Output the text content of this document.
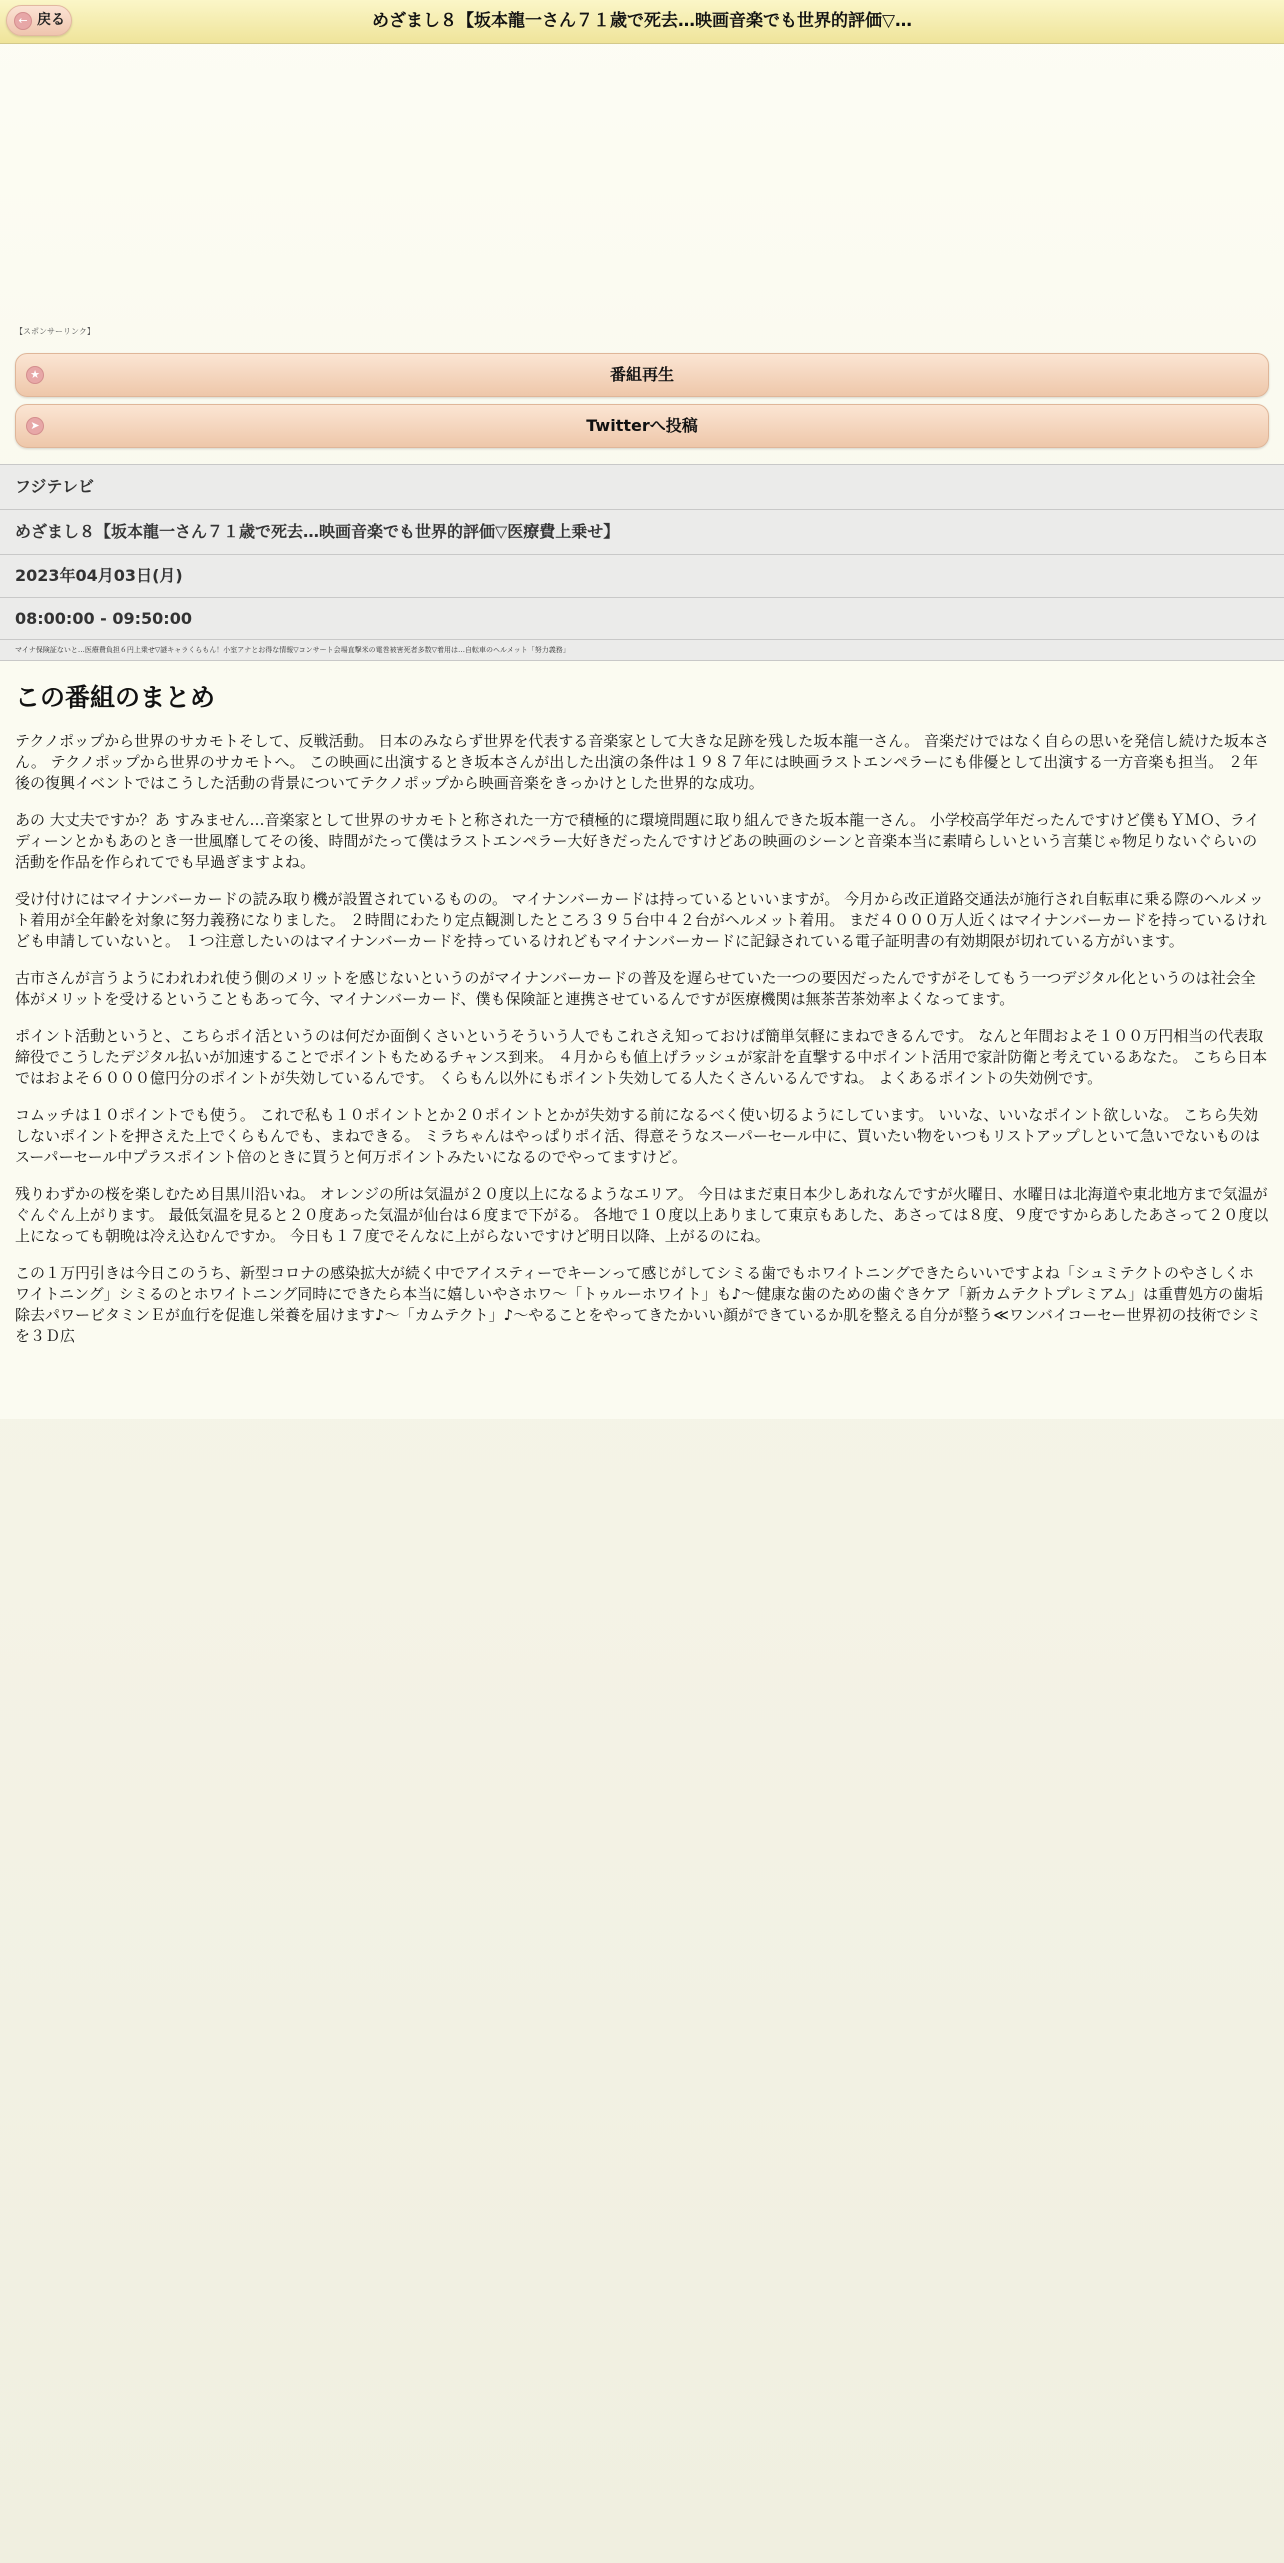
← 戻る	めざまし８【坂本龍一さん７１歳で死去…映画音楽でも世界的評価▽…
【スポンサーリンク】
★	番組再生
➤	Twitterへ投稿
フジテレビ
めざまし８【坂本龍一さん７１歳で死去…映画音楽でも世界的評価▽医療費上乗せ】
2023年04月03日(月)
08:00:00 - 09:50:00
マイナ保険証ないと…医療費負担６円上乗せ▽謎キャラくらもん！小室アナとお得な情報▽コンサート会場直撃米の電巻被害死者多数▽着用は…自転車のヘルメット「努力義務」
この番組のまとめ

テクノポップから世界のサカモトそして、反戦活動。 日本のみならず世界を代表する音楽家として大きな足跡を残した坂本龍一さん。 音楽だけではなく自らの思いを発信し続けた坂本さん。 テクノポップから世界のサカモトへ。 この映画に出演するとき坂本さんが出した出演の条件は１９８７年には映画ラストエンペラーにも俳優として出演する一方音楽も担当。 ２年後の復興イベントではこうした活動の背景についてテクノポップから映画音楽をきっかけとした世界的な成功。

あの 大丈夫ですか？あ すみません…音楽家として世界のサカモトと称された一方で積極的に環境問題に取り組んできた坂本龍一さん。 小学校高学年だったんですけど僕もＹＭＯ、ライディーンとかもあのとき一世風靡してその後、時間がたって僕はラストエンペラー大好きだったんですけどあの映画のシーンと音楽本当に素晴らしいという言葉じゃ物足りないぐらいの活動を作品を作られてでも早過ぎますよね。

受け付けにはマイナンバーカードの読み取り機が設置されているものの。 マイナンバーカードは持っているといいますが。 今月から改正道路交通法が施行され自転車に乗る際のヘルメット着用が全年齢を対象に努力義務になりました。 ２時間にわたり定点観測したところ３９５台中４２台がヘルメット着用。 まだ４０００万人近くはマイナンバーカードを持っているけれども申請していないと。 １つ注意したいのはマイナンバーカードを持っているけれどもマイナンバーカードに記録されている電子証明書の有効期限が切れている方がいます。

古市さんが言うようにわれわれ使う側のメリットを感じないというのがマイナンバーカードの普及を遅らせていた一つの要因だったんですがそしてもう一つデジタル化というのは社会全体がメリットを受けるということもあって今、マイナンバーカード、僕も保険証と連携させているんですが医療機関は無茶苦茶効率よくなってます。

ポイント活動というと、こちらポイ活というのは何だか面倒くさいというそういう人でもこれさえ知っておけば簡単気軽にまねできるんです。 なんと年間およそ１００万円相当の代表取締役でこうしたデジタル払いが加速することでポイントもためるチャンス到来。 ４月からも値上げラッシュが家計を直撃する中ポイント活用で家計防衛と考えているあなた。 こちら日本ではおよそ６０００億円分のポイントが失効しているんです。 くらもん以外にもポイント失効してる人たくさんいるんですね。 よくあるポイントの失効例です。

コムッチは１０ポイントでも使う。 これで私も１０ポイントとか２０ポイントとかが失効する前になるべく使い切るようにしています。 いいな、いいなポイント欲しいな。 こちら失効しないポイントを押さえた上でくらもんでも、まねできる。 ミラちゃんはやっぱりポイ活、得意そうなスーパーセール中に、買いたい物をいつもリストアップしといて急いでないものはスーパーセール中プラスポイント倍のときに買うと何万ポイントみたいになるのでやってますけど。

残りわずかの桜を楽しむため目黒川沿いね。 オレンジの所は気温が２０度以上になるようなエリア。 今日はまだ東日本少しあれなんですが火曜日、水曜日は北海道や東北地方まで気温がぐんぐん上がります。 最低気温を見ると２０度あった気温が仙台は６度まで下がる。 各地で１０度以上ありまして東京もあした、あさっては８度、９度ですからあしたあさって２０度以上になっても朝晩は冷え込むんですか。 今日も１７度でそんなに上がらないですけど明日以降、上がるのにね。

この１万円引きは今日このうち、新型コロナの感染拡大が続く中でアイスティーでキーンって感じがしてシミる歯でもホワイトニングできたらいいですよね「シュミテクトのやさしくホワイトニング」シミるのとホワイトニング同時にできたら本当に嬉しいやさホワ～「トゥルーホワイト」も♪～健康な歯のための歯ぐきケア「新カムテクトプレミアム」は重曹処方の歯垢除去パワービタミンＥが血行を促進し栄養を届けます♪～「カムテクト」♪～やることをやってきたかいい顔ができているか肌を整える自分が整う≪ワンバイコーセー世界初の技術でシミを３Ｄ広
